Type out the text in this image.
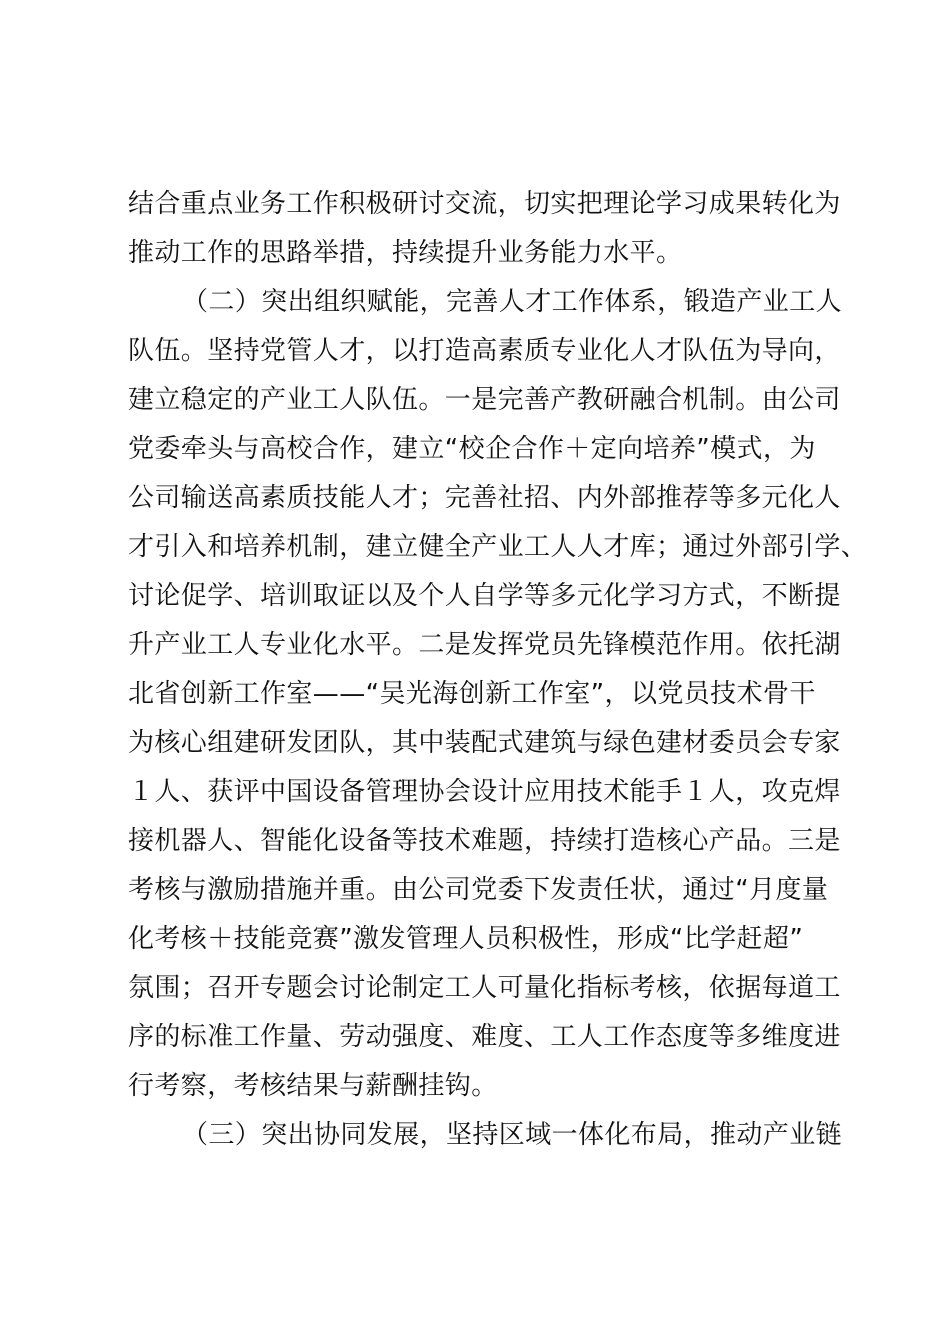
结合重点业务工作积极研讨交流，切实把理论学习成果转化为
推动工作的思路举措，持续提升业务能力水平。
（二）突出组织赋能，完善人才工作体系，锻造产业工人
队伍。坚持党管人才，以打造高素质专业化人才队伍为导向，
建立稳定的产业工人队伍。一是完善产教研融合机制。由公司
党委牵头与高校合作，建立“校企合作＋定向培养”模式，为
公司输送高素质技能人才；完善社招、内外部推荐等多元化人
才引入和培养机制，建立健全产业工人人才库；通过外部引学、
讨论促学、培训取证以及个人自学等多元化学习方式，不断提
升产业工人专业化水平。二是发挥党员先锋模范作用。依托湖
北省创新工作室——“吴光海创新工作室”，以党员技术骨干
为核心组建研发团队，其中装配式建筑与绿色建材委员会专家
１人、获评中国设备管理协会设计应用技术能手１人，攻克焊
接机器人、智能化设备等技术难题，持续打造核心产品。三是
考核与激励措施并重。由公司党委下发责任状，通过“月度量
化考核＋技能竞赛”激发管理人员积极性，形成“比学赶超”
氛围；召开专题会讨论制定工人可量化指标考核，依据每道工
序的标准工作量、劳动强度、难度、工人工作态度等多维度进
行考察，考核结果与薪酬挂钩。
（三）突出协同发展，坚持区域一体化布局，推动产业链
